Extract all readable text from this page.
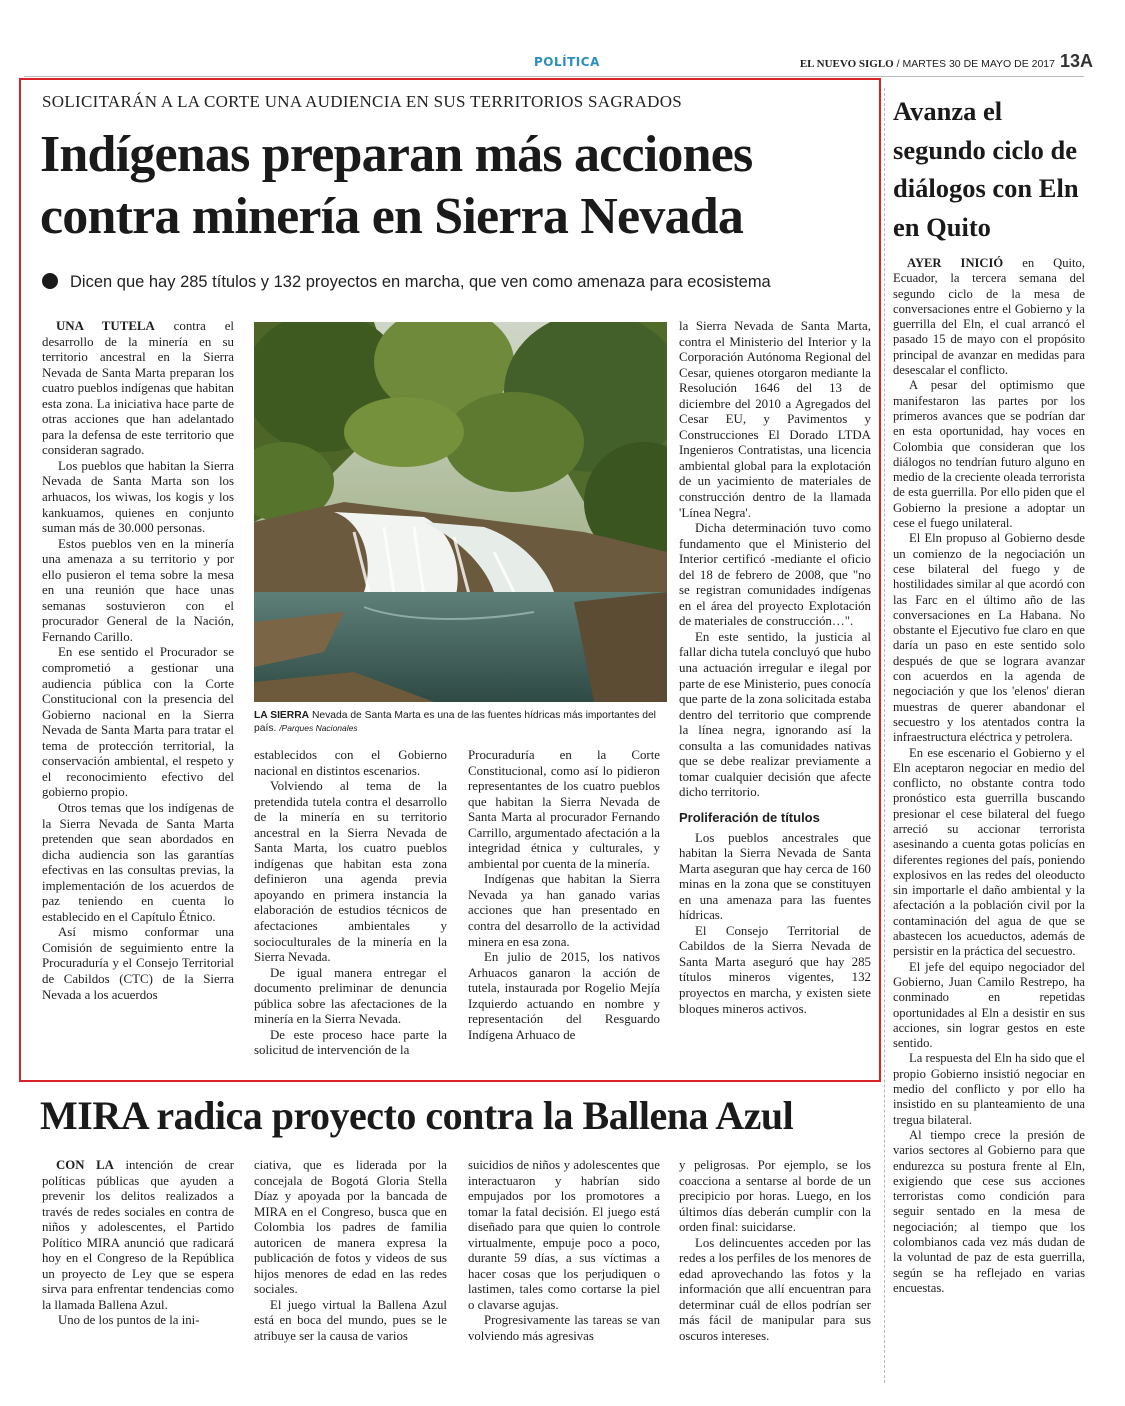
POLÍTICA	EL NUEVO SIGLO / MARTES 30 DE MAYO DE 2017 13A
SOLICITARÁN A LA CORTE UNA AUDIENCIA EN SUS TERRITORIOS SAGRADOS
Indígenas preparan más acciones
contra minería en Sierra Nevada
Dicen que hay 285 títulos y 132 proyectos en marcha, que ven como amenaza para ecosistema

UNA TUTELA contra el desarrollo de la minería en su territorio ancestral en la Sierra Nevada de Santa Marta preparan los cuatro pueblos indígenas que habitan esta zona. La iniciativa hace parte de otras acciones que han adelantado para la defensa de este territorio que consideran sagrado.

Los pueblos que habitan la Sierra Nevada de Santa Marta son los arhuacos, los wiwas, los kogis y los kankuamos, quienes en conjunto suman más de 30.000 personas.

Estos pueblos ven en la minería una amenaza a su territorio y por ello pusieron el tema sobre la mesa en una reunión que hace unas semanas sostuvieron con el procurador General de la Nación, Fernando Carillo.

En ese sentido el Procurador se comprometió a gestionar una audiencia pública con la Corte Constitucional con la presencia del Gobierno nacional en la Sierra Nevada de Santa Marta para tratar el tema de protección territorial, la conservación ambiental, el respeto y el reconocimiento efectivo del gobierno propio.

Otros temas que los indígenas de la Sierra Nevada de Santa Marta pretenden que sean abordados en dicha audiencia son las garantías efectivas en las consultas previas, la implementación de los acuerdos de paz teniendo en cuenta lo establecido en el Capítulo Étnico.

Así mismo conformar una Comisión de seguimiento entre la Procuraduría y el Consejo Territorial de Cabildos (CTC) de la Sierra Nevada a los acuerdos

LA SIERRA Nevada de Santa Marta es una de las fuentes hídricas más importantes del país. /Parques Nacionales

establecidos con el Gobierno nacional en distintos escenarios.

Volviendo al tema de la pretendida tutela contra el desarrollo de la minería en su territorio ancestral en la Sierra Nevada de Santa Marta, los cuatro pueblos indígenas que habitan esta zona definieron una agenda previa apoyando en primera instancia la elaboración de estudios técnicos de afectaciones ambientales y socioculturales de la minería en la Sierra Nevada.

De igual manera entregar el documento preliminar de denuncia pública sobre las afectaciones de la minería en la Sierra Nevada.

De este proceso hace parte la solicitud de intervención de la

Procuraduría en la Corte Constitucional, como así lo pidieron representantes de los cuatro pueblos que habitan la Sierra Nevada de Santa Marta al procurador Fernando Carrillo, argumentado afectación a la integridad étnica y culturales, y ambiental por cuenta de la minería.

Indígenas que habitan la Sierra Nevada ya han ganado varias acciones que han presentado en contra del desarrollo de la actividad minera en esa zona.

En julio de 2015, los nativos Arhuacos ganaron la acción de tutela, instaurada por Rogelio Mejía Izquierdo actuando en nombre y representación del Resguardo Indígena Arhuaco de

la Sierra Nevada de Santa Marta, contra el Ministerio del Interior y la Corporación Autónoma Regional del Cesar, quienes otorgaron mediante la Resolución 1646 del 13 de diciembre del 2010 a Agregados del Cesar EU, y Pavimentos y Construcciones El Dorado LTDA Ingenieros Contratistas, una licencia ambiental global para la explotación de un yacimiento de materiales de construcción dentro de la llamada 'Línea Negra'.

Dicha determinación tuvo como fundamento que el Ministerio del Interior certificó -mediante el oficio del 18 de febrero de 2008, que "no se registran comunidades indígenas en el área del proyecto Explotación de materiales de construcción…".

En este sentido, la justicia al fallar dicha tutela concluyó que hubo una actuación irregular e ilegal por parte de ese Ministerio, pues conocía que parte de la zona solicitada estaba dentro del territorio que comprende la línea negra, ignorando así la consulta a las comunidades nativas que se debe realizar previamente a tomar cualquier decisión que afecte dicho territorio.

Proliferación de títulos

Los pueblos ancestrales que habitan la Sierra Nevada de Santa Marta aseguran que hay cerca de 160 minas en la zona que se constituyen en una amenaza para las fuentes hídricas.

El Consejo Territorial de Cabildos de la Sierra Nevada de Santa Marta aseguró que hay 285 títulos mineros vigentes, 132 proyectos en marcha, y existen siete bloques mineros activos.

Avanza el segundo ciclo de diálogos con Eln en Quito

AYER INICIÓ en Quito, Ecuador, la tercera semana del segundo ciclo de la mesa de conversaciones entre el Gobierno y la guerrilla del Eln, el cual arrancó el pasado 15 de mayo con el propósito principal de avanzar en medidas para desescalar el conflicto.

A pesar del optimismo que manifestaron las partes por los primeros avances que se podrían dar en esta oportunidad, hay voces en Colombia que consideran que los diálogos no tendrían futuro alguno en medio de la creciente oleada terrorista de esta guerrilla. Por ello piden que el Gobierno la presione a adoptar un cese el fuego unilateral.

El Eln propuso al Gobierno desde un comienzo de la negociación un cese bilateral del fuego y de hostilidades similar al que acordó con las Farc en el último año de las conversaciones en La Habana. No obstante el Ejecutivo fue claro en que daría un paso en este sentido solo después de que se lograra avanzar con acuerdos en la agenda de negociación y que los 'elenos' dieran muestras de querer abandonar el secuestro y los atentados contra la infraestructura eléctrica y petrolera.

En ese escenario el Gobierno y el Eln aceptaron negociar en medio del conflicto, no obstante contra todo pronóstico esta guerrilla buscando presionar el cese bilateral del fuego arreció su accionar terrorista asesinando a cuenta gotas policías en diferentes regiones del país, poniendo explosivos en las redes del oleoducto sin importarle el daño ambiental y la afectación a la población civil por la contaminación del agua de que se abastecen los acueductos, además de persistir en la práctica del secuestro.

El jefe del equipo negociador del Gobierno, Juan Camilo Restrepo, ha conminado en repetidas oportunidades al Eln a desistir en sus acciones, sin lograr gestos en este sentido.

La respuesta del Eln ha sido que el propio Gobierno insistió negociar en medio del conflicto y por ello ha insistido en su planteamiento de una tregua bilateral.

Al tiempo crece la presión de varios sectores al Gobierno para que endurezca su postura frente al Eln, exigiendo que cese sus acciones terroristas como condición para seguir sentado en la mesa de negociación; al tiempo que los colombianos cada vez más dudan de la voluntad de paz de esta guerrilla, según se ha reflejado en varias encuestas.

MIRA radica proyecto contra la Ballena Azul

CON LA intención de crear políticas públicas que ayuden a prevenir los delitos realizados a través de redes sociales en contra de niños y adolescentes, el Partido Político MIRA anunció que radicará hoy en el Congreso de la República un proyecto de Ley que se espera sirva para enfrentar tendencias como la llamada Ballena Azul.

Uno de los puntos de la ini-

ciativa, que es liderada por la concejala de Bogotá Gloria Stella Díaz y apoyada por la bancada de MIRA en el Congreso, busca que en Colombia los padres de familia autoricen de manera expresa la publicación de fotos y videos de sus hijos menores de edad en las redes sociales.

El juego virtual la Ballena Azul está en boca del mundo, pues se le atribuye ser la causa de varios

suicidios de niños y adolescentes que interactuaron y habrían sido empujados por los promotores a tomar la fatal decisión. El juego está diseñado para que quien lo controle virtualmente, empuje poco a poco, durante 59 días, a sus víctimas a hacer cosas que los perjudiquen o lastimen, tales como cortarse la piel o clavarse agujas.

Progresivamente las tareas se van volviendo más agresivas

y peligrosas. Por ejemplo, se los coacciona a sentarse al borde de un precipicio por horas. Luego, en los últimos días deberán cumplir con la orden final: suicidarse.

Los delincuentes acceden por las redes a los perfiles de los menores de edad aprovechando las fotos y la información que allí encuentran para determinar cuál de ellos podrían ser más fácil de manipular para sus oscuros intereses.
